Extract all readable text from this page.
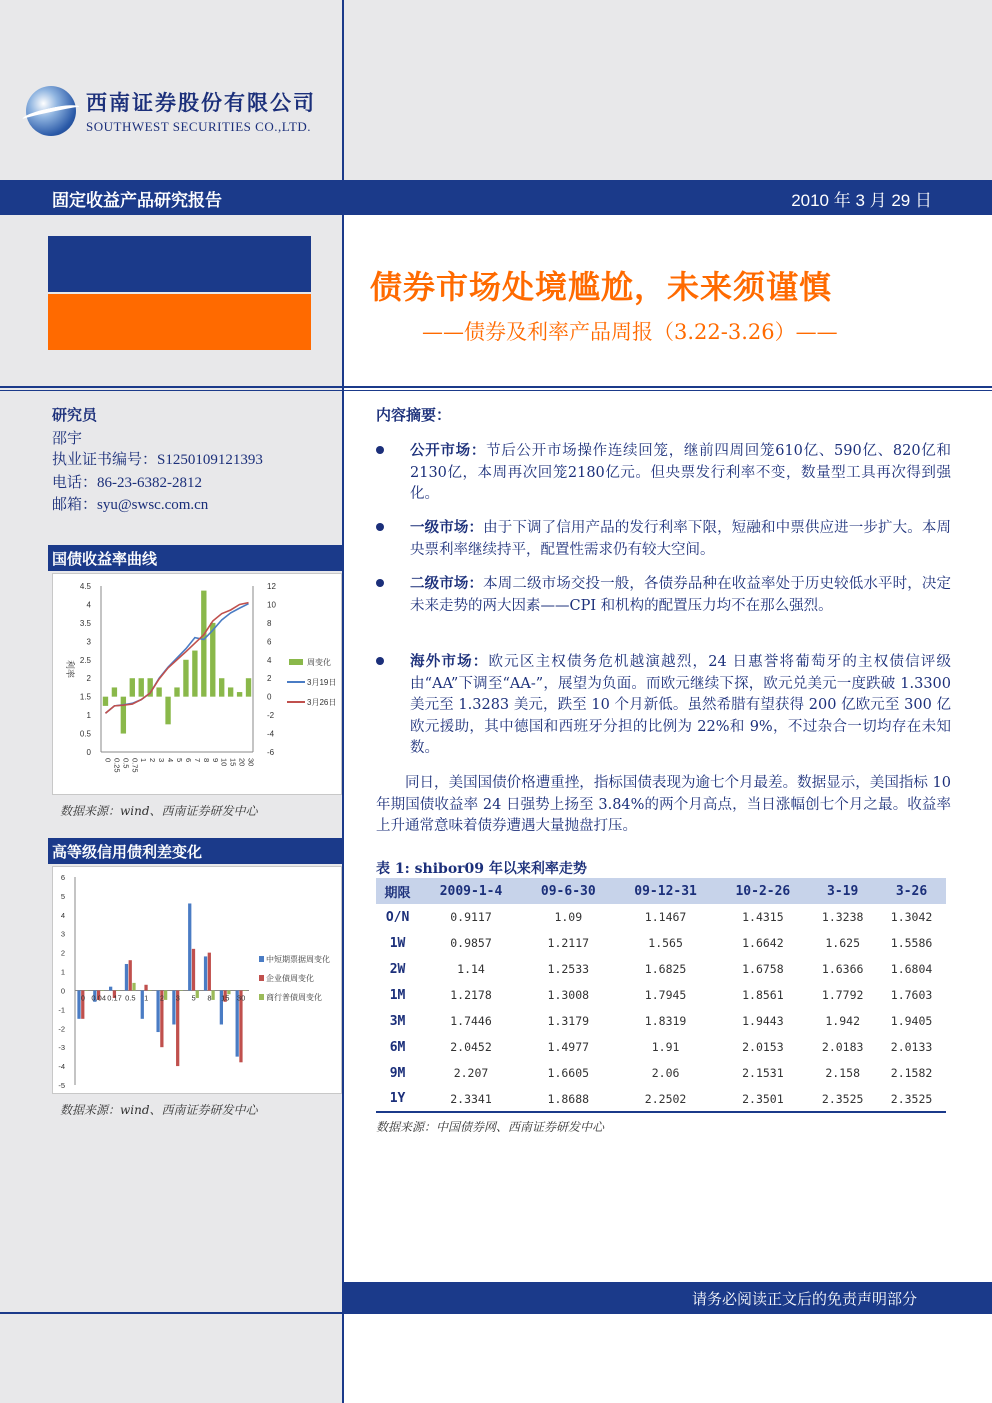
西南证券股份有限公司
SOUTHWEST SECURITIES CO.,LTD.
固定收益产品研究报告	2010 年 3 月 29 日
债券市场处境尴尬，未来须谨慎
——债券及利率产品周报（3.22-3.26）——
研究员
邵宇
执业证书编号：S1250109121393
电话：86-23-6382-2812
邮箱：syu@swsc.com.cn
国债收益率曲线
4.5
4
3.5
3
2.5
2
1.5
1
0.5
0
12
10
8
6
4
2
0
-2
-4
-6
利率
0 0.25 0.5 0.75 1 2 3 4 5 6 7 8 9 10 15 20 30
周变化
3月19日
3月26日
数据来源：wind、西南证券研发中心
高等级信用债利差变化
6
5
4
3
2
1
0
-1
-2
-3
-4
-5
0 0.04 0.17 0.5 1 2 3 5 8 15 30
中短期票据周变化
企业债周变化
商行普债周变化
数据来源：wind、西南证券研发中心
内容摘要：
公开市场：节后公开市场操作连续回笼，继前四周回笼610亿、590亿、820亿和2130亿，本周再次回笼2180亿元。但央票发行利率不变，数量型工具再次得到强化。
一级市场：由于下调了信用产品的发行利率下限，短融和中票供应进一步扩大。本周央票利率继续持平，配置性需求仍有较大空间。
二级市场：本周二级市场交投一般，各债券品种在收益率处于历史较低水平时，决定未来走势的两大因素——CPI 和机构的配置压力均不在那么强烈。
海外市场：欧元区主权债务危机越演越烈，24 日惠誉将葡萄牙的主权债信评级由“AA”下调至“AA-”，展望为负面。而欧元继续下探，欧元兑美元一度跌破 1.3300 美元至 1.3283 美元，跌至 10 个月新低。虽然希腊有望获得 200 亿欧元至 300 亿欧元援助，其中德国和西班牙分担的比例为 22%和 9%，不过杂合一切均存在未知数。
同日，美国国债价格遭重挫，指标国债表现为逾七个月最差。数据显示，美国指标 10 年期国债收益率 24 日强势上扬至 3.84%的两个月高点，当日涨幅创七个月之最。收益率上升通常意味着债券遭遇大量抛盘打压。
表 1: shibor09 年以来利率走势
期限	2009-1-4	09-6-30	09-12-31	10-2-26	3-19	3-26
O/N	0.9117	1.09	1.1467	1.4315	1.3238	1.3042
1W	0.9857	1.2117	1.565	1.6642	1.625	1.5586
2W	1.14	1.2533	1.6825	1.6758	1.6366	1.6804
1M	1.2178	1.3008	1.7945	1.8561	1.7792	1.7603
3M	1.7446	1.3179	1.8319	1.9443	1.942	1.9405
6M	2.0452	1.4977	1.91	2.0153	2.0183	2.0133
9M	2.207	1.6605	2.06	2.1531	2.158	2.1582
1Y	2.3341	1.8688	2.2502	2.3501	2.3525	2.3525
数据来源：中国债券网、西南证券研发中心
请务必阅读正文后的免责声明部分
